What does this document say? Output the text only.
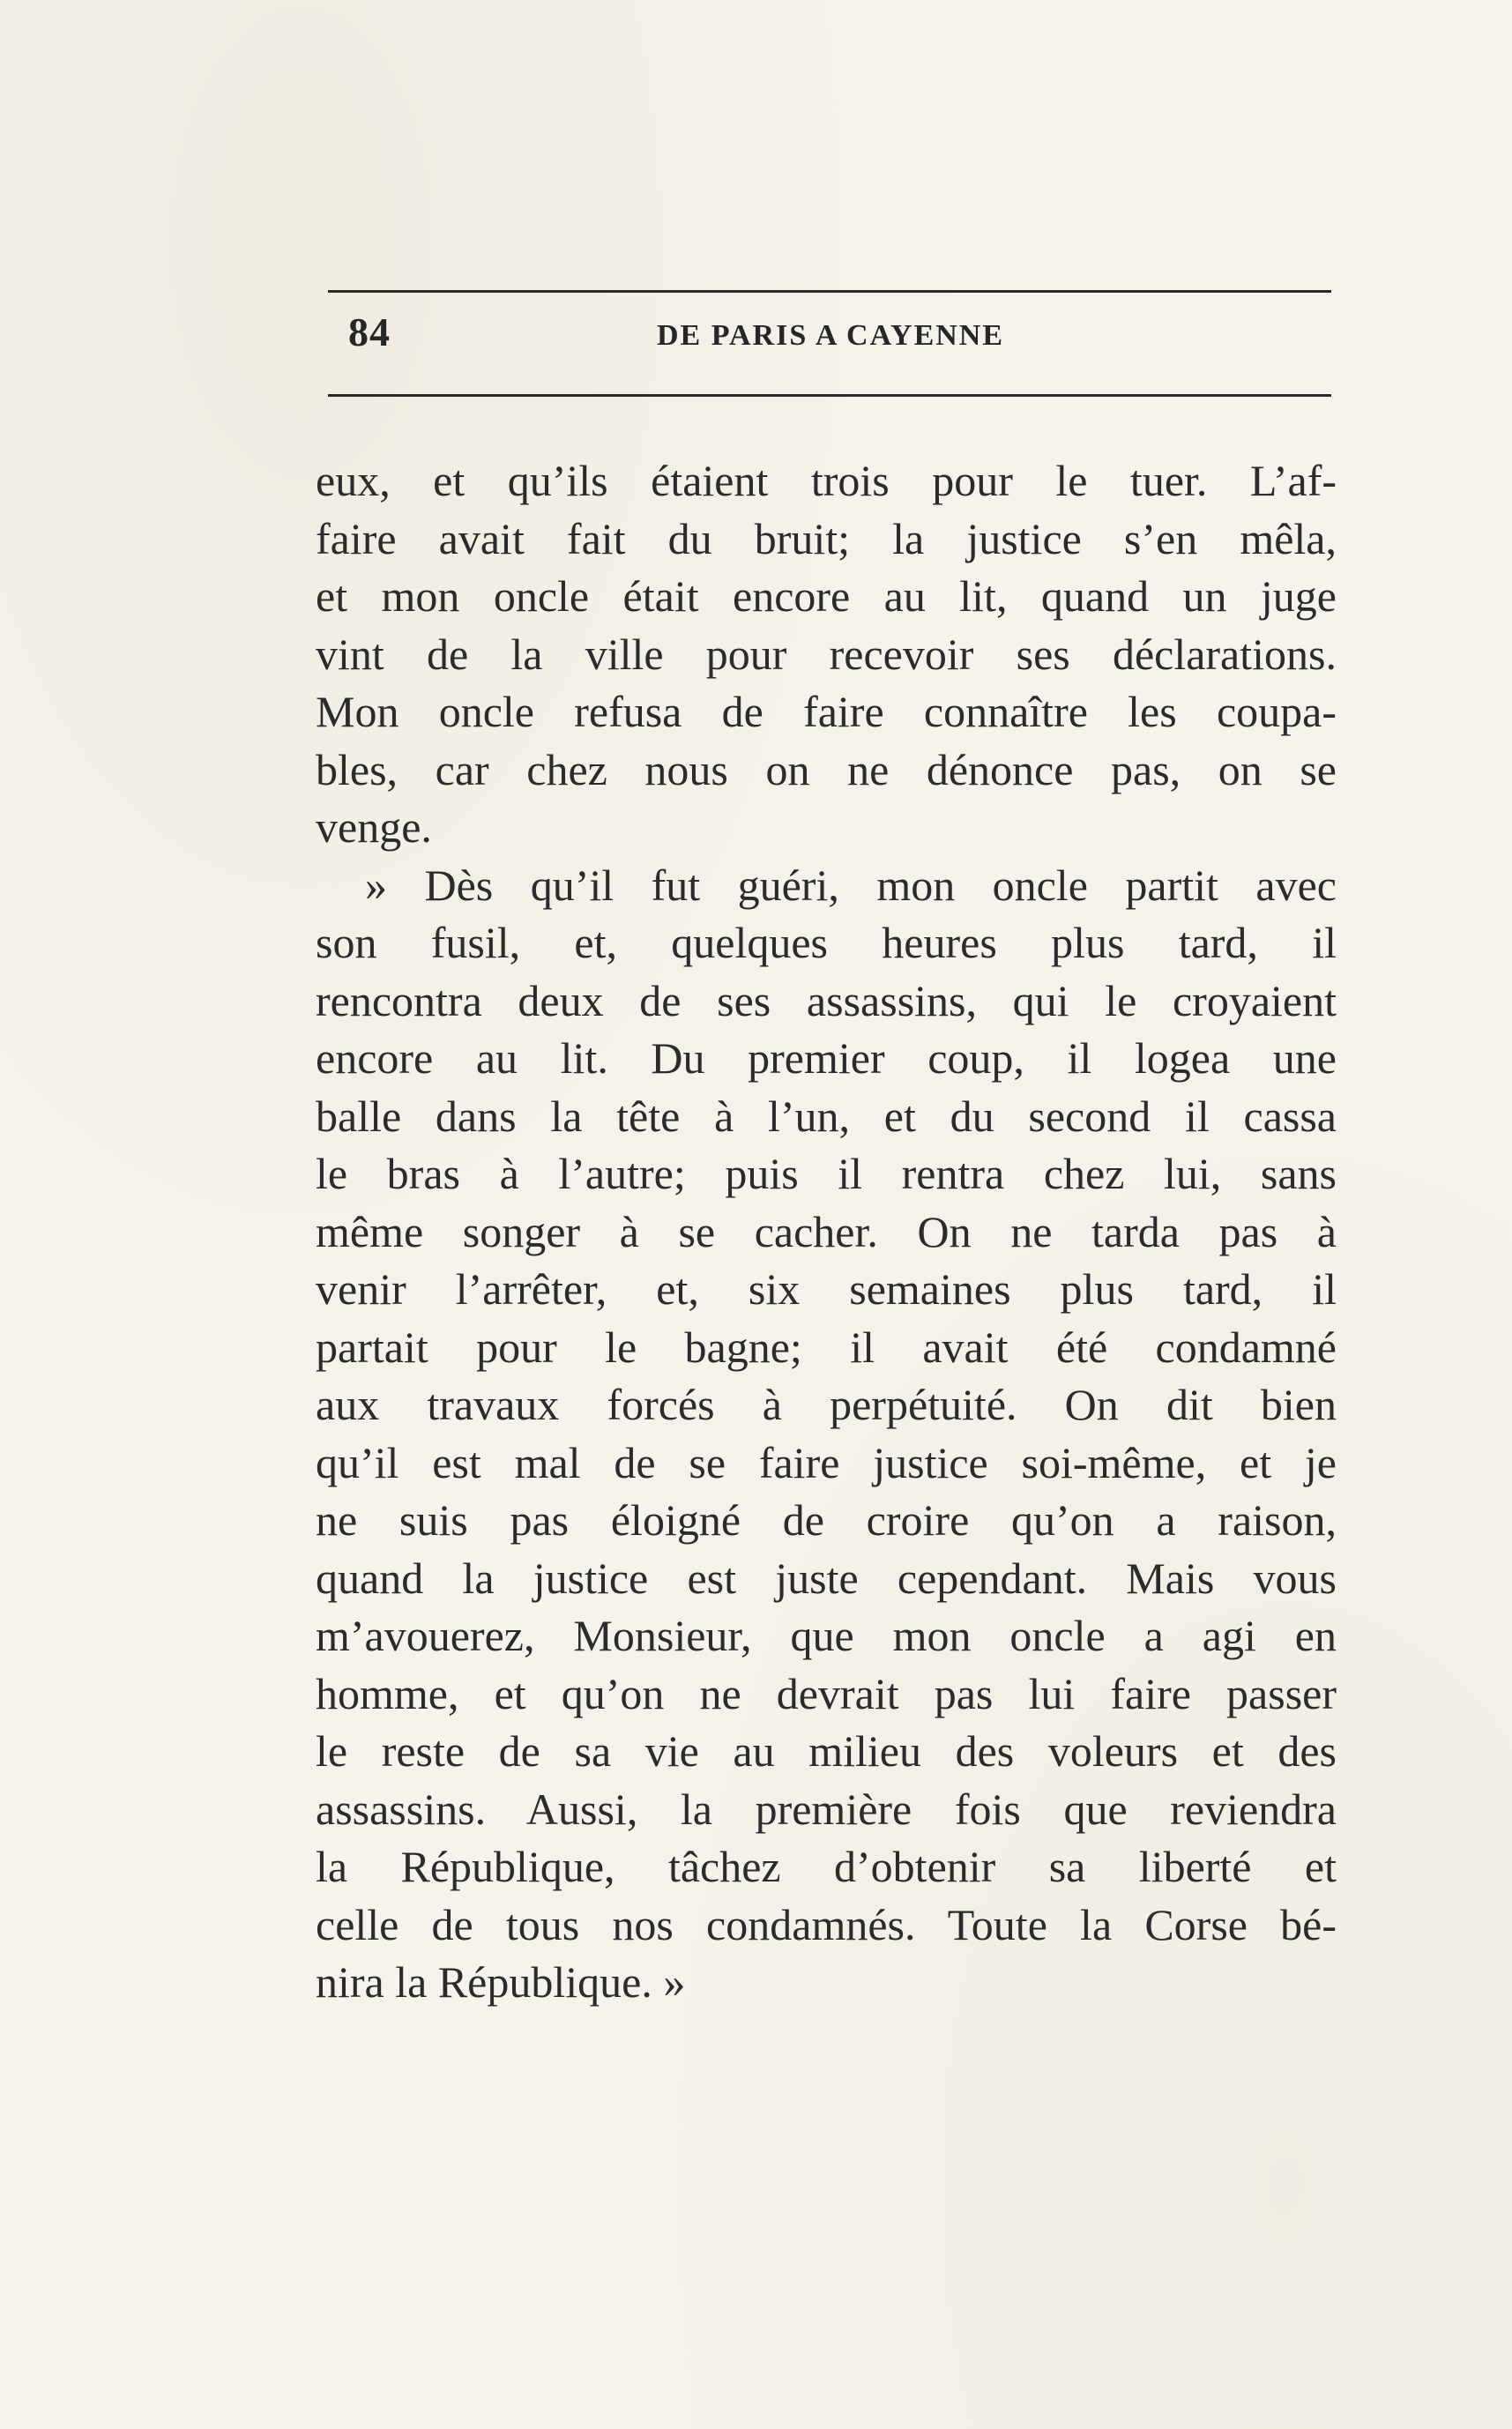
84	DE PARIS A CAYENNE
eux, et qu’ils étaient trois pour le tuer. L’af-
faire avait fait du bruit; la justice s’en mêla,
et mon oncle était encore au lit, quand un juge
vint de la ville pour recevoir ses déclarations.
Mon oncle refusa de faire connaître les coupa-
bles, car chez nous on ne dénonce pas, on se
venge.
» Dès qu’il fut guéri, mon oncle partit avec
son fusil, et, quelques heures plus tard, il
rencontra deux de ses assassins, qui le croyaient
encore au lit. Du premier coup, il logea une
balle dans la tête à l’un, et du second il cassa
le bras à l’autre; puis il rentra chez lui, sans
même songer à se cacher. On ne tarda pas à
venir l’arrêter, et, six semaines plus tard, il
partait pour le bagne; il avait été condamné
aux travaux forcés à perpétuité. On dit bien
qu’il est mal de se faire justice soi-même, et je
ne suis pas éloigné de croire qu’on a raison,
quand la justice est juste cependant. Mais vous
m’avouerez, Monsieur, que mon oncle a agi en
homme, et qu’on ne devrait pas lui faire passer
le reste de sa vie au milieu des voleurs et des
assassins. Aussi, la première fois que reviendra
la République, tâchez d’obtenir sa liberté et
celle de tous nos condamnés. Toute la Corse bé-
nira la République. »
